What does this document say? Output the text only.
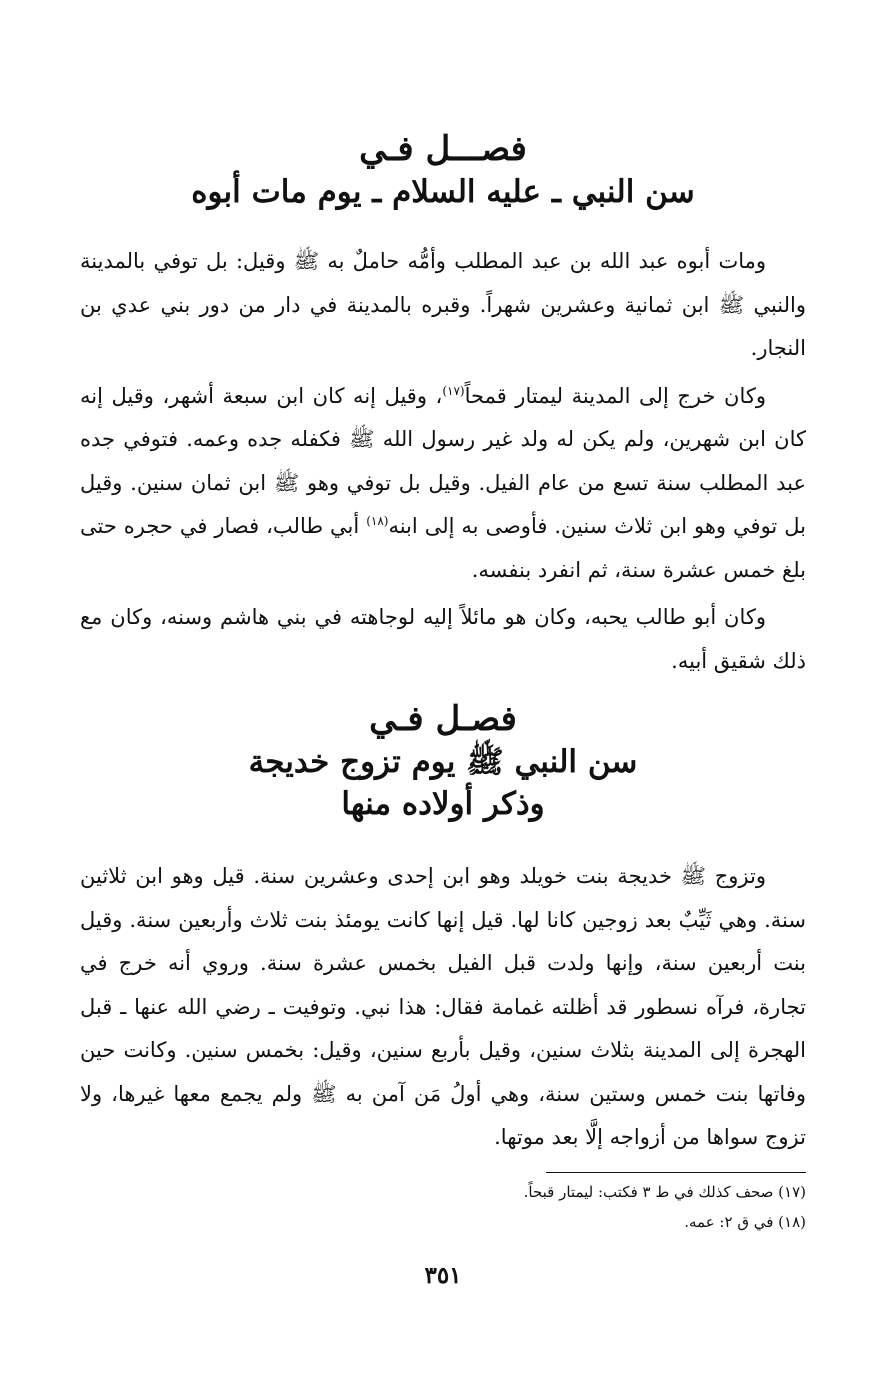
فصـــل فـي

سن النبي ـ عليه السلام ـ يوم مات أبوه

ومات أبوه عبد الله بن عبد المطلب وأمُّه حاملٌ به ﷺ وقيل: بل توفي بالمدينة والنبي ﷺ ابن ثمانية وعشرين شهراً. وقبره بالمدينة في دار من دور بني عدي بن النجار.

وكان خرج إلى المدينة ليمتار قمحاً$^{(١٧)}$، وقيل إنه كان ابن سبعة أشهر، وقيل إنه كان ابن شهرين، ولم يكن له ولد غير رسول الله ﷺ فكفله جده وعمه. فتوفي جده عبد المطلب سنة تسع من عام الفيل. وقيل بل توفي وهو ﷺ ابن ثمان سنين. وقيل بل توفي وهو ابن ثلاث سنين. فأوصى به إلى ابنه$^{(١٨)}$ أبي طالب، فصار في حجره حتى بلغ خمس عشرة سنة، ثم انفرد بنفسه.

وكان أبو طالب يحبه، وكان هو مائلاً إليه لوجاهته في بني هاشم وسنه، وكان مع ذلك شقيق أبيه.

فصـل فـي

سن النبي ﷺ يوم تزوج خديجة

وذكر أولاده منها

وتزوج ﷺ خديجة بنت خويلد وهو ابن إحدى وعشرين سنة. قيل وهو ابن ثلاثين سنة. وهي ثَيِّبٌ بعد زوجين كانا لها. قيل إنها كانت يومئذ بنت ثلاث وأربعين سنة. وقيل بنت أربعين سنة، وإنها ولدت قبل الفيل بخمس عشرة سنة. وروي أنه خرج في تجارة، فرآه نسطور قد أظلته غمامة فقال: هذا نبي. وتوفيت ـ رضي الله عنها ـ قبل الهجرة إلى المدينة بثلاث سنين، وقيل بأربع سنين، وقيل: بخمس سنين. وكانت حين وفاتها بنت خمس وستين سنة، وهي أولُ مَن آمن به ﷺ ولم يجمع معها غيرها، ولا تزوج سواها من أزواجه إلَّا بعد موتها.

(١٧) صحف كذلك في ط ٣ فكتب: ليمتار قبحاً.

(١٨) في ق ٢: عمه.

٣٥١
